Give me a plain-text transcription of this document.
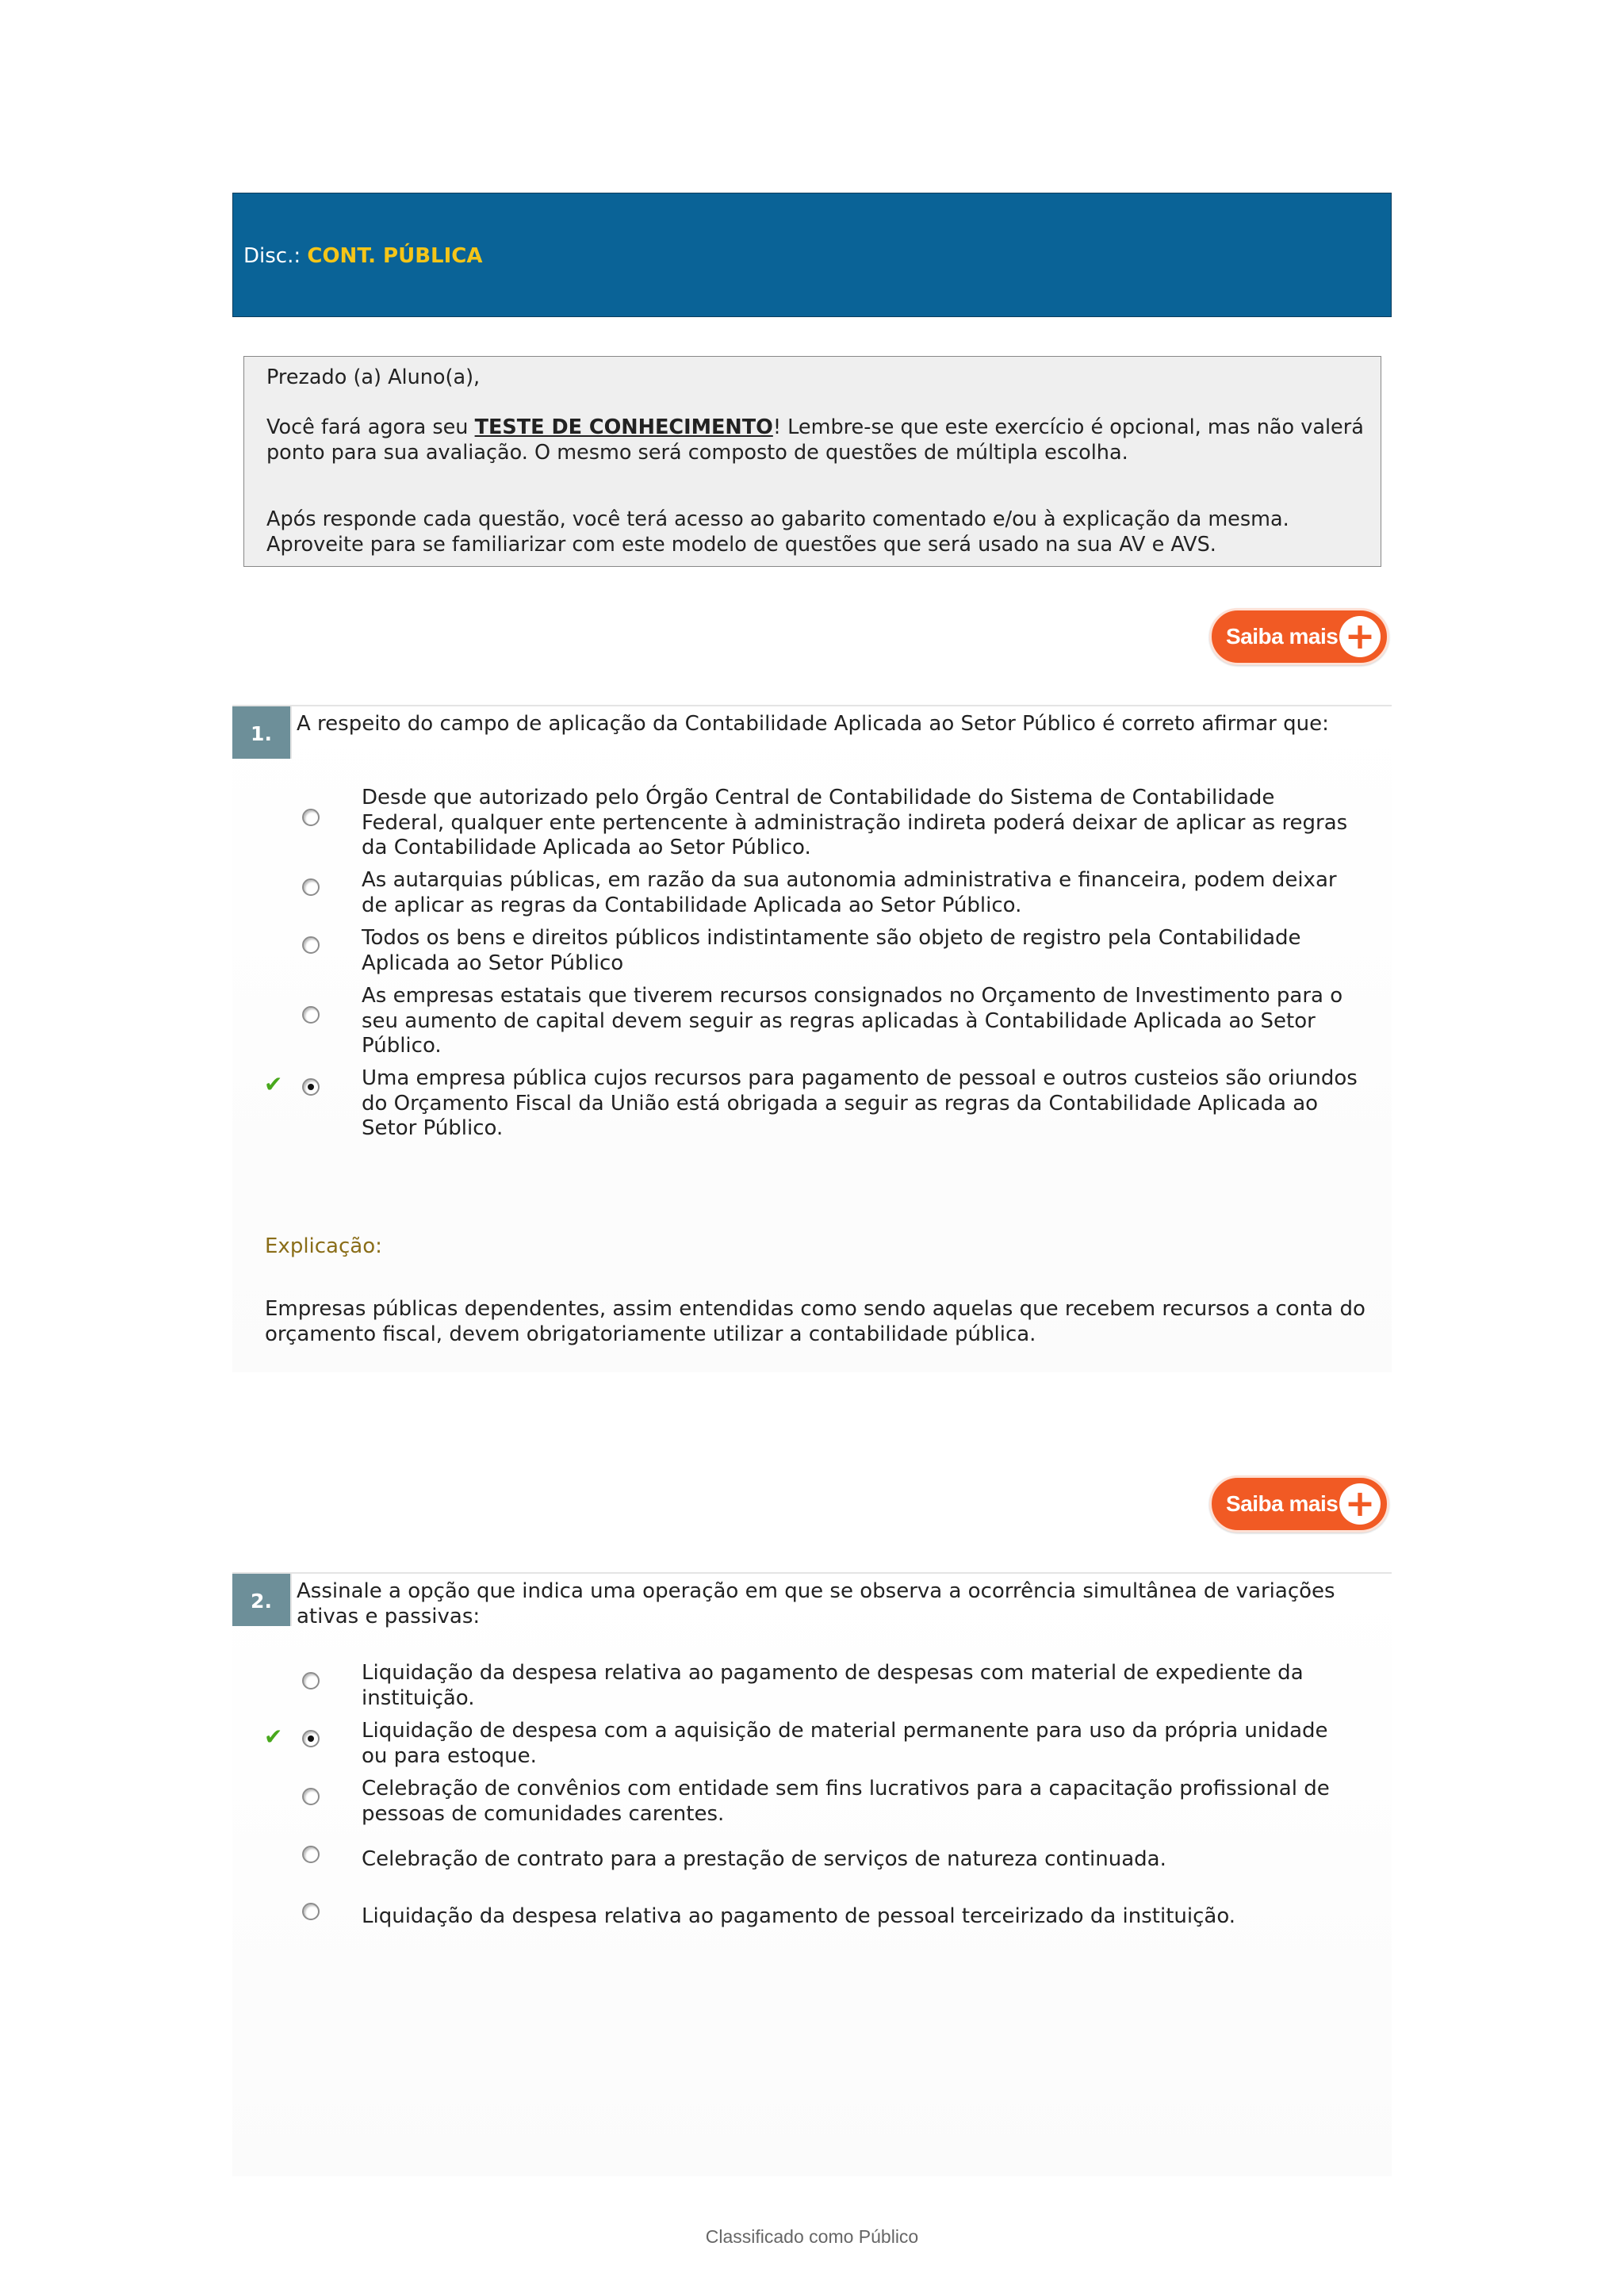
Disc.: CONT. PÚBLICA

Prezado (a) Aluno(a),

Você fará agora seu TESTE DE CONHECIMENTO! Lembre-se que este exercício é opcional, mas não valerá ponto para sua avaliação. O mesmo será composto de questões de múltipla escolha.

Após responde cada questão, você terá acesso ao gabarito comentado e/ou à explicação da mesma. Aproveite para se familiarizar com este modelo de questões que será usado na sua AV e AVS.

Saiba mais +
1.	A respeito do campo de aplicação da Contabilidade Aplicada ao Setor Público é correto afirmar que:
Desde que autorizado pelo Órgão Central de Contabilidade do Sistema de Contabilidade Federal, qualquer ente pertencente à administração indireta poderá deixar de aplicar as regras da Contabilidade Aplicada ao Setor Público.
As autarquias públicas, em razão da sua autonomia administrativa e financeira, podem deixar de aplicar as regras da Contabilidade Aplicada ao Setor Público.
Todos os bens e direitos públicos indistintamente são objeto de registro pela Contabilidade Aplicada ao Setor Público
As empresas estatais que tiverem recursos consignados no Orçamento de Investimento para o seu aumento de capital devem seguir as regras aplicadas à Contabilidade Aplicada ao Setor Público.
✔	Uma empresa pública cujos recursos para pagamento de pessoal e outros custeios são oriundos do Orçamento Fiscal da União está obrigada a seguir as regras da Contabilidade Aplicada ao Setor Público.
Explicação:
Empresas públicas dependentes, assim entendidas como sendo aquelas que recebem recursos a conta do orçamento fiscal, devem obrigatoriamente utilizar a contabilidade pública.
Saiba mais +
2.	Assinale a opção que indica uma operação em que se observa a ocorrência simultânea de variações ativas e passivas:
Liquidação da despesa relativa ao pagamento de despesas com material de expediente da instituição.
✔	Liquidação de despesa com a aquisição de material permanente para uso da própria unidade ou para estoque.
Celebração de convênios com entidade sem fins lucrativos para a capacitação profissional de pessoas de comunidades carentes.
Celebração de contrato para a prestação de serviços de natureza continuada.
Liquidação da despesa relativa ao pagamento de pessoal terceirizado da instituição.
Classificado como Público
